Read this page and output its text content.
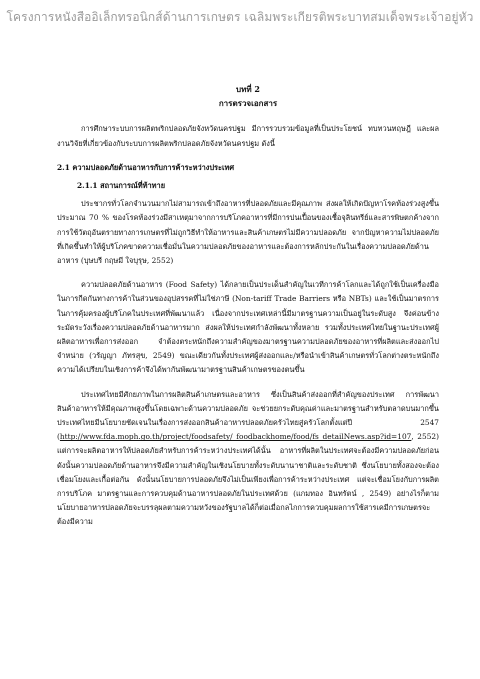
โครงการหนังสืออิเล็กทรอนิกส์ด้านการเกษตร เฉลิมพระเกียรติพระบาทสมเด็จพระเจ้าอยู่หัว
บทที่ 2
การตรวจเอกสาร

การศึกษาระบบการผลิตพริกปลอดภัยจังหวัดนครปฐม มีการรวบรวมข้อมูลที่เป็นประโยชน์ ทบทวนทฤษฎี และผลงานวิจัยที่เกี่ยวข้องกับระบบการผลิตพริกปลอดภัยจังหวัดนครปฐม ดังนี้

2.1 ความปลอดภัยด้านอาหารกับการค้าระหว่างประเทศ
2.1.1 สถานการณ์ที่ท้าทาย

ประชากรทั่วโลกจำนวนมากไม่สามารถเข้าถึงอาหารที่ปลอดภัยและมีคุณภาพ ส่งผลให้เกิดปัญหาโรคท้องร่วงสูงขึ้น ประมาณ 70 % ของโรคท้องร่วงมีสาเหตุมาจากการบริโภคอาหารที่มีการปนเปื้อนของเชื้อจุลินทรีย์และสารพิษตกค้างจากการใช้วัตถุอันตรายทางการเกษตรที่ไม่ถูกวิธีทำให้อาหารและสินค้าเกษตรไม่มีความปลอดภัย จากปัญหาความไม่ปลอดภัยที่เกิดขึ้นทำให้ผู้บริโภคขาดความเชื่อมั่นในความปลอดภัยของอาหารและต้องการหลักประกันในเรื่องความปลอดภัยด้านอาหาร (บุษบรี กฤษมี ใจบุรุษ, 2552)

ความปลอดภัยด้านอาหาร (Food Safety) ได้กลายเป็นประเด็นสำคัญในเวทีการค้าโลกและได้ถูกใช้เป็นเครื่องมือในการกีดกันทางการค้าในส่วนของอุปสรรคที่ไม่ใช่ภาษี (Non-tariff Trade Barriers หรือ NBTs) และใช้เป็นมาตรการในการคุ้มครองผู้บริโภคในประเทศที่พัฒนาแล้ว เนื่องจากประเทศเหล่านี้มีมาตรฐานความเป็นอยู่ในระดับสูง จึงค่อนข้างระมัดระวังเรื่องความปลอดภัยด้านอาหารมาก ส่งผลให้ประเทศกำลังพัฒนาทั้งหลาย รวมทั้งประเทศไทยในฐานะประเทศผู้ผลิตอาหารเพื่อการส่งออก จำต้องตระหนักถึงความสำคัญของมาตรฐานความปลอดภัยของอาหารที่ผลิตและส่งออกไปจำหน่าย (วรัญญา ภัทรสุข, 2549) ขณะเดียวกันทั้งประเทศผู้ส่งออกและ/หรือนำเข้าสินค้าเกษตรทั่วโลกต่างตระหนักถึงความได้เปรียบในเชิงการค้าจึงได้พากันพัฒนามาตรฐานสินค้าเกษตรของตนขึ้น

ประเทศไทยมีศักยภาพในการผลิตสินค้าเกษตรและอาหาร ซึ่งเป็นสินค้าส่งออกที่สำคัญของประเทศ การพัฒนาสินค้าอาหารให้มีคุณภาพสูงขึ้นโดยเฉพาะด้านความปลอดภัย จะช่วยยกระดับคุณค่าและมาตรฐานสำหรับตลาดบนมากขึ้น ประเทศไทยมีนโยบายชัดเจนในเรื่องการส่งออกสินค้าอาหารปลอดภัยครัวไทยสู่ครัวโลกตั้งแต่ปี 2547 (http://www.fda.moph.go.th/project/foodsafety/ foodbackhome/food/fs_detailNews.asp?id=107, 2552) แต่การจะผลิตอาหารให้ปลอดภัยสำหรับการค้าระหว่างประเทศได้นั้น อาหารที่ผลิตในประเทศจะต้องมีความปลอดภัยก่อน ดังนั้นความปลอดภัยด้านอาหารจึงมีความสำคัญในเชิงนโยบายทั้งระดับนานาชาติและระดับชาติ ซึ่งนโยบายทั้งสองจะต้องเชื่อมโยงและเกื้อต่อกัน ดังนั้นนโยบายการปลอดภัยจึงไม่เป็นเพียงเพื่อการค้าระหว่างประเทศ แต่จะเชื่อมโยงกับการผลิต การบริโภค มาตรฐานและการควบคุมด้านอาหารปลอดภัยในประเทศด้วย (แกมทอง อินทรัตน์ , 2549) อย่างไรก็ตาม นโยบายอาหารปลอดภัยจะบรรลุผลตามความหวังของรัฐบาลได้ก็ต่อเมื่อกลไกการควบคุมผลการใช้สารเคมีการเกษตรจะต้องมีความ
